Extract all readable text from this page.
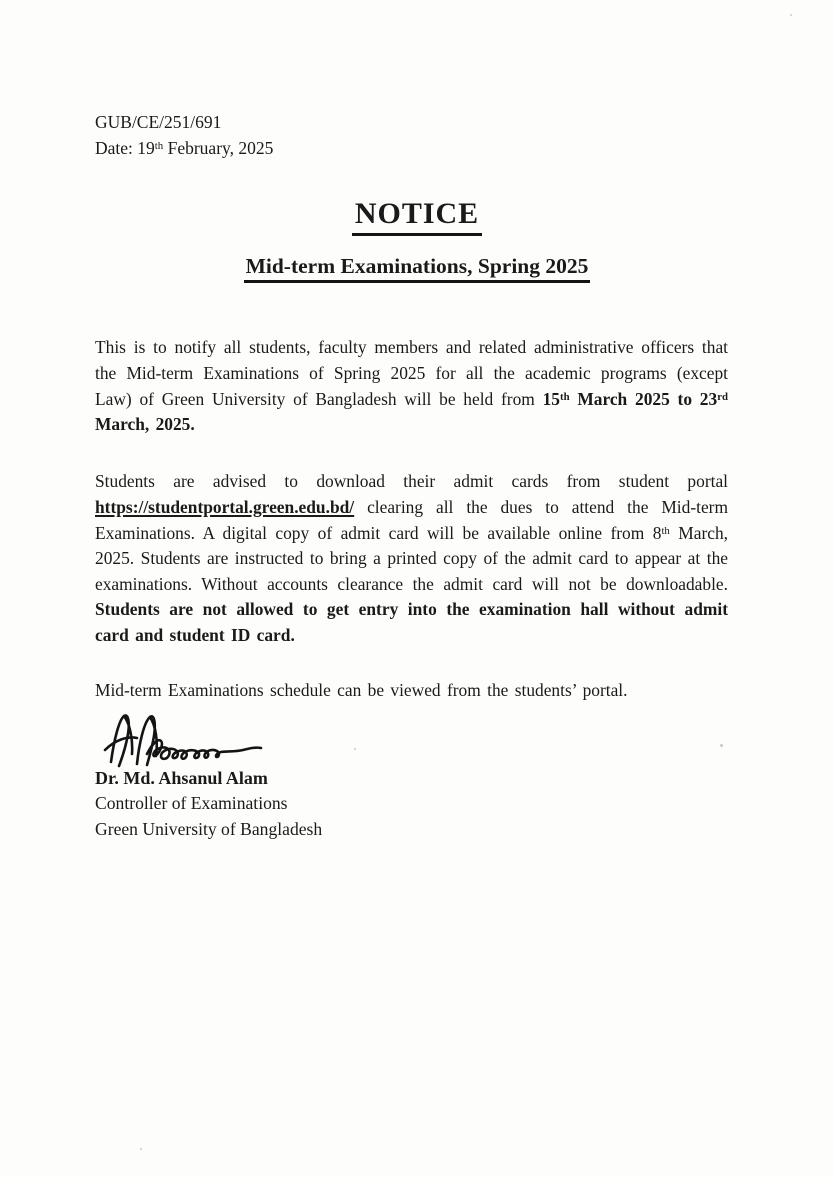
GUB/CE/251/691
Date: 19th February, 2025
NOTICE
Mid-term Examinations, Spring 2025

This is to notify all students, faculty members and related administrative officers that the Mid-term Examinations of Spring 2025 for all the academic programs (except Law) of Green University of Bangladesh will be held from 15th March 2025 to 23rd March, 2025.

Students are advised to download their admit cards from student portal https://studentportal.green.edu.bd/ clearing all the dues to attend the Mid-term Examinations. A digital copy of admit card will be available online from 8th March, 2025. Students are instructed to bring a printed copy of the admit card to appear at the examinations. Without accounts clearance the admit card will not be downloadable. Students are not allowed to get entry into the examination hall without admit card and student ID card.

Mid-term Examinations schedule can be viewed from the students’ portal.

Dr. Md. Ahsanul Alam
Controller of Examinations
Green University of Bangladesh
